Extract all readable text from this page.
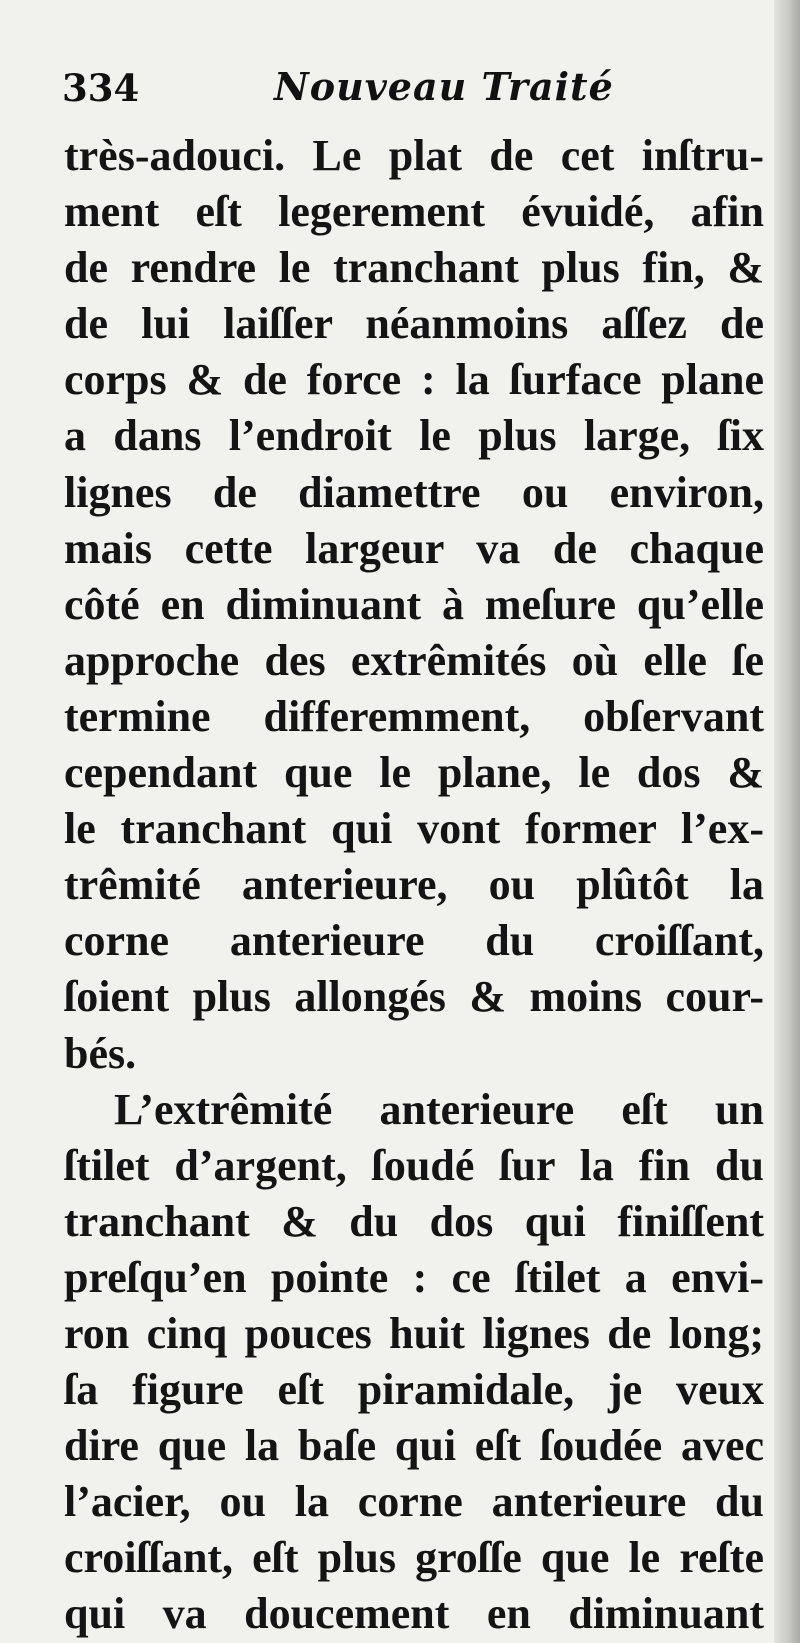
334	Nouveau Traité
très-adouci. Le plat de cet inſtru-
ment eſt legerement évuidé, afin
de rendre le tranchant plus fin, &
de lui laiſſer néanmoins aſſez de
corps & de force : la ſurface plane
a dans l’endroit le plus large, ſix
lignes de diamettre ou environ,
mais cette largeur va de chaque
côté en diminuant à meſure qu’elle
approche des extrêmités où elle ſe
termine differemment, obſervant
cependant que le plane, le dos &
le tranchant qui vont former l’ex-
trêmité anterieure, ou plûtôt la
corne anterieure du croiſſant,
ſoient plus allongés & moins cour-
bés.
L’extrêmité anterieure eſt un
ſtilet d’argent, ſoudé ſur la fin du
tranchant & du dos qui finiſſent
preſqu’en pointe : ce ſtilet a envi-
ron cinq pouces huit lignes de long;
ſa figure eſt piramidale, je veux
dire que la baſe qui eſt ſoudée avec
l’acier, ou la corne anterieure du
croiſſant, eſt plus groſſe que le reſte
qui va doucement en diminuant
